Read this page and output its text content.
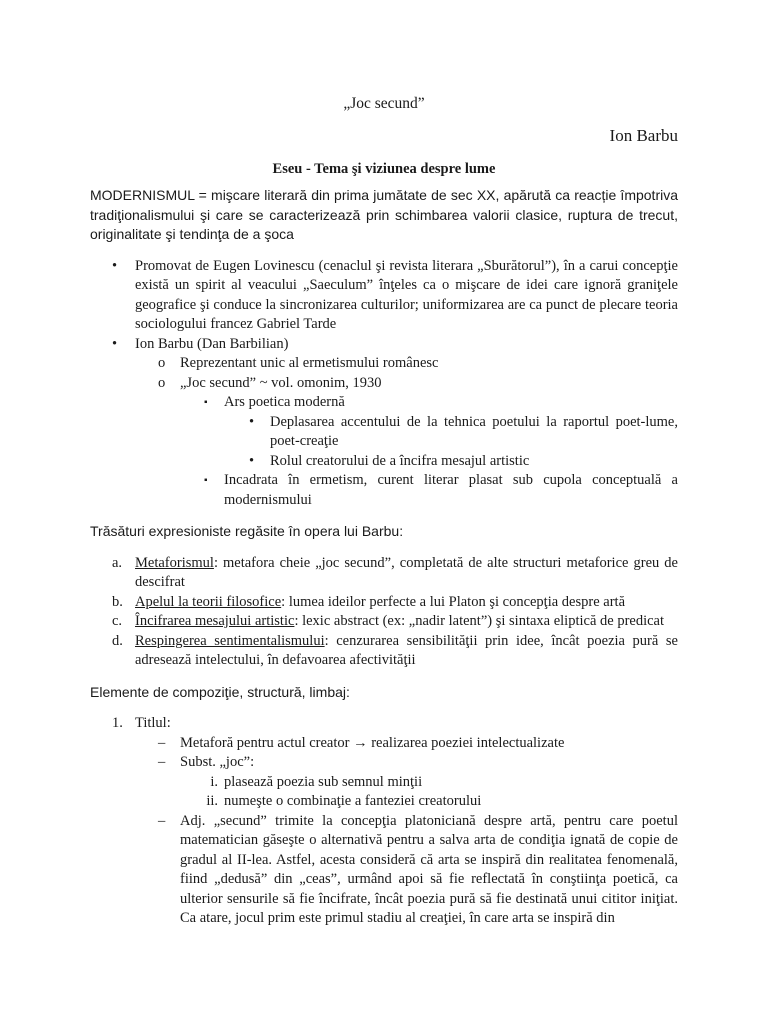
„Joc secund”
Ion Barbu
Eseu - Tema şi viziunea despre lume

MODERNISMUL = mişcare literară din prima jumătate de sec XX, apărută ca reacție împotriva tradiţionalismului şi care se caracterizează prin schimbarea valorii clasice, ruptura de trecut, originalitate şi tendinţa de a şoca

• Promovat de Eugen Lovinescu (cenaclul şi revista literara „Sburătorul”), în a carui concepţie există un spirit al veacului „Saeculum” înţeles ca o mişcare de idei care ignoră graniţele geografice şi conduce la sincronizarea culturilor; uniformizarea are ca punct de plecare teoria sociologului francez Gabriel Tarde
• Ion Barbu (Dan Barbilian)
o Reprezentant unic al ermetismului românesc
o „Joc secund” ~ vol. omonim, 1930
▪ Ars poetica modernă
• Deplasarea accentului de la tehnica poetului la raportul poet-lume, poet-creaţie
• Rolul creatorului de a încifra mesajul artistic
▪ Incadrata în ermetism, curent literar plasat sub cupola conceptuală a modernismului

Trăsături expresioniste regăsite în opera lui Barbu:

a. Metaforismul: metafora cheie „joc secund”, completată de alte structuri metaforice greu de descifrat
b. Apelul la teorii filosofice: lumea ideilor perfecte a lui Platon şi concepţia despre artă
c. Încifrarea mesajului artistic: lexic abstract (ex: „nadir latent”) şi sintaxa eliptică de predicat
d. Respingerea sentimentalismului: cenzurarea sensibilităţii prin idee, încât poezia pură se adresează intelectului, în defavoarea afectivităţii

Elemente de compoziţie, structură, limbaj:

1. Titlul:
– Metaforă pentru actul creator → realizarea poeziei intelectualizate
– Subst. „joc”:
i. plasează poezia sub semnul minţii
ii. numeşte o combinaţie a fanteziei creatorului
– Adj. „secund” trimite la concepţia platoniciană despre artă, pentru care poetul matematician găseşte o alternativă pentru a salva arta de condiţia ignată de copie de gradul al II-lea. Astfel, acesta consideră că arta se inspiră din realitatea fenomenală, fiind „dedusă” din „ceas”, urmând apoi să fie reflectată în conştiinţa poetică, ca ulterior sensurile să fie încifrate, încât poezia pură să fie destinată unui cititor iniţiat. Ca atare, jocul prim este primul stadiu al creaţiei, în care arta se inspiră din
